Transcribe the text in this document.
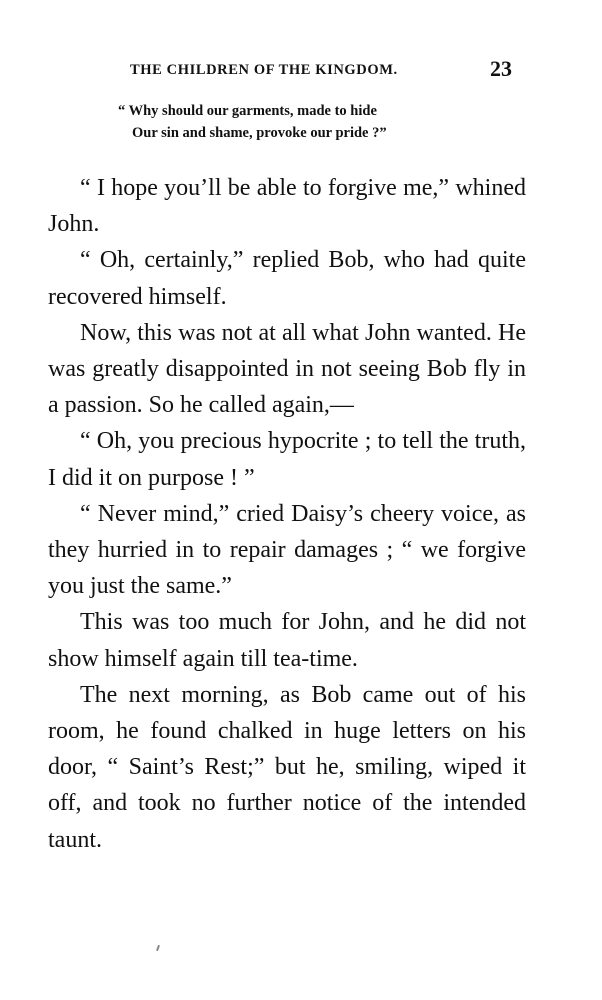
THE CHILDREN OF THE KINGDOM.	23
“ Why should our garments, made to hide
Our sin and shame, provoke our pride ?”

“ I hope you’ll be able to forgive me,” whined John.

“ Oh, certainly,” replied Bob, who had quite recovered himself.

Now, this was not at all what John wanted. He was greatly disappointed in not seeing Bob fly in a passion. So he called again,—

“ Oh, you precious hypocrite ; to tell the truth, I did it on purpose ! ”

“ Never mind,” cried Daisy’s cheery voice, as they hurried in to repair damages ; “ we forgive you just the same.”

This was too much for John, and he did not show himself again till tea-time.

The next morning, as Bob came out of his room, he found chalked in huge letters on his door, “ Saint’s Rest;” but he, smiling, wiped it off, and took no further notice of the intended taunt.
